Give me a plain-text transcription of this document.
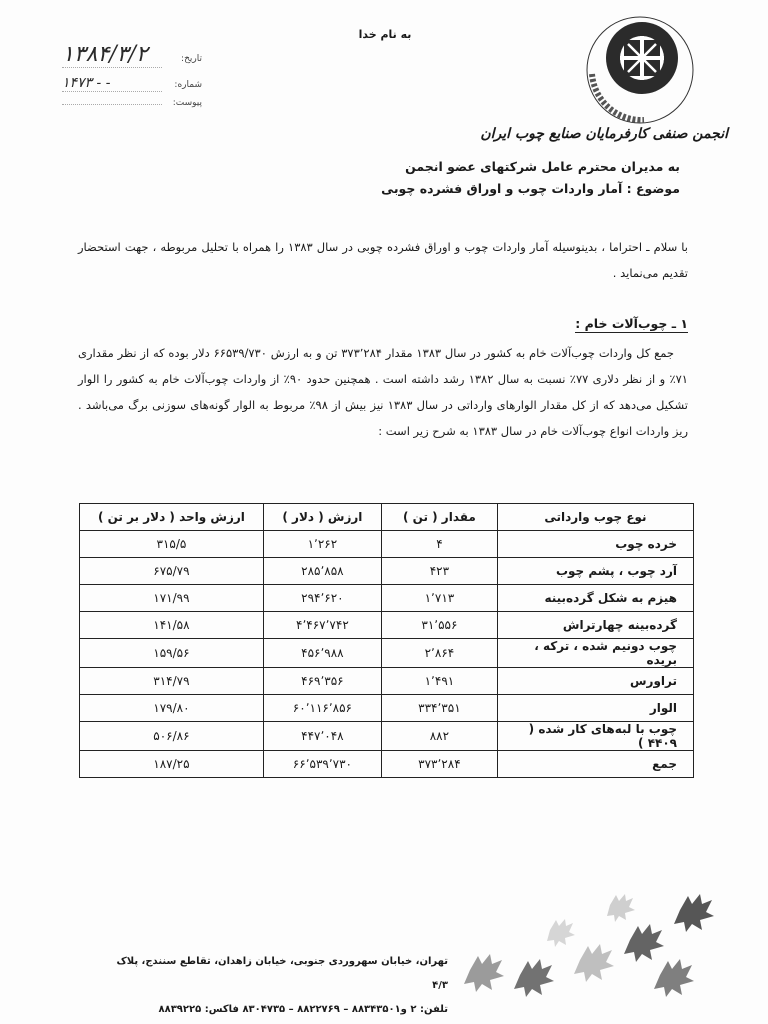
به نام خدا
انجمن صنفی کارفرمایان صنایع چوب ایران
تاریخ:
۱۳۸۴/۳/۲
شماره:
۱۴۷۳ - -
پیوست:
به مدیران محترم عامل شرکتهای عضو انجمن
موضوع : آمار واردات چوب و اوراق فشرده چوبی
با سلام ـ احتراما ، بدینوسیله آمار واردات چوب و اوراق فشرده چوبی در سال ۱۳۸۳ را همراه با تحلیل مربوطه ، جهت استحضار تقدیم می‌نماید .
۱ ـ چوب‌آلات خام :

جمع کل واردات چوب‌آلات خام به کشور در سال ۱۳۸۳ مقدار ۳۷۳٬۲۸۴ تن و به ارزش ۶۶۵۳۹/۷۳۰ دلار بوده که از نظر مقداری ۷۱٪ و از نظر دلاری ۷۷٪ نسبت به سال ۱۳۸۲ رشد داشته است . همچنین حدود ۹۰٪ از واردات چوب‌آلات خام به کشور را الوار تشکیل می‌دهد که از کل مقدار الوارهای وارداتی در سال ۱۳۸۳ نیز بیش از ۹۸٪ مربوط به الوار گونه‌های سوزنی برگ می‌باشد . ریز واردات انواع چوب‌آلات خام در سال ۱۳۸۳ به شرح زیر است :

نوع چوب وارداتی	مقدار ( تن )	ارزش ( دلار )	ارزش واحد ( دلار بر تن )
خرده چوب	۴	۱٬۲۶۲	۳۱۵/۵
آرد چوب ، پشم چوب	۴۲۳	۲۸۵٬۸۵۸	۶۷۵/۷۹
هیزم به شکل گرده‌بینه	۱٬۷۱۳	۲۹۴٬۶۲۰	۱۷۱/۹۹
گرده‌بینه چهارتراش	۳۱٬۵۵۶	۴٬۴۶۷٬۷۴۲	۱۴۱/۵۸
چوب دونیم شده ، ترکه ، بریده	۲٬۸۶۴	۴۵۶٬۹۸۸	۱۵۹/۵۶
تراورس	۱٬۴۹۱	۴۶۹٬۳۵۶	۳۱۴/۷۹
الوار	۳۳۴٬۳۵۱	۶۰٬۱۱۶٬۸۵۶	۱۷۹/۸۰
چوب با لبه‌های کار شده ( ۴۴۰۹ )	۸۸۲	۴۴۷٬۰۴۸	۵۰۶/۸۶
جمع	۳۷۳٬۲۸۴	۶۶٬۵۳۹٬۷۳۰	۱۸۷/۲۵
تهران، خیابان سهروردی جنوبی، خیابان زاهدان، تقاطع سنندج، پلاک ۴/۳
تلفن: ۲ و۸۸۳۴۳۵۰۱ – ۸۸۲۲۷۶۹ – ۸۳۰۴۷۳۵ فاکس: ۸۸۳۹۲۲۵
